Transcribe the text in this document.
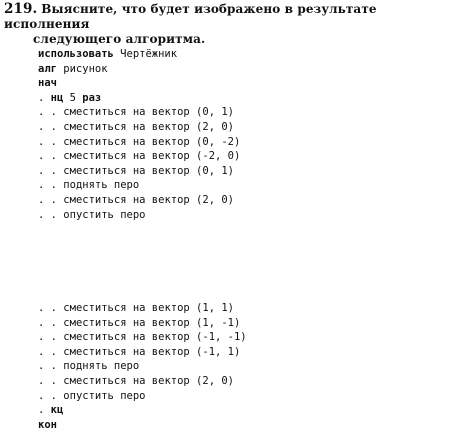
219. Выясните, что будет изображено в результате исполнения
следующего алгоритма.
использовать Чертёжник
алг рисунок
нач
. нц 5 раз
. . сместиться на вектор (0, 1)
. . сместиться на вектор (2, 0)
. . сместиться на вектор (0, -2)
. . сместиться на вектор (-2, 0)
. . сместиться на вектор (0, 1)
. . поднять перо
. . сместиться на вектор (2, 0)
. . опустить перо
. . сместиться на вектор (1, 1)
. . сместиться на вектор (1, -1)
. . сместиться на вектор (-1, -1)
. . сместиться на вектор (-1, 1)
. . поднять перо
. . сместиться на вектор (2, 0)
. . опустить перо
. кц
кон
